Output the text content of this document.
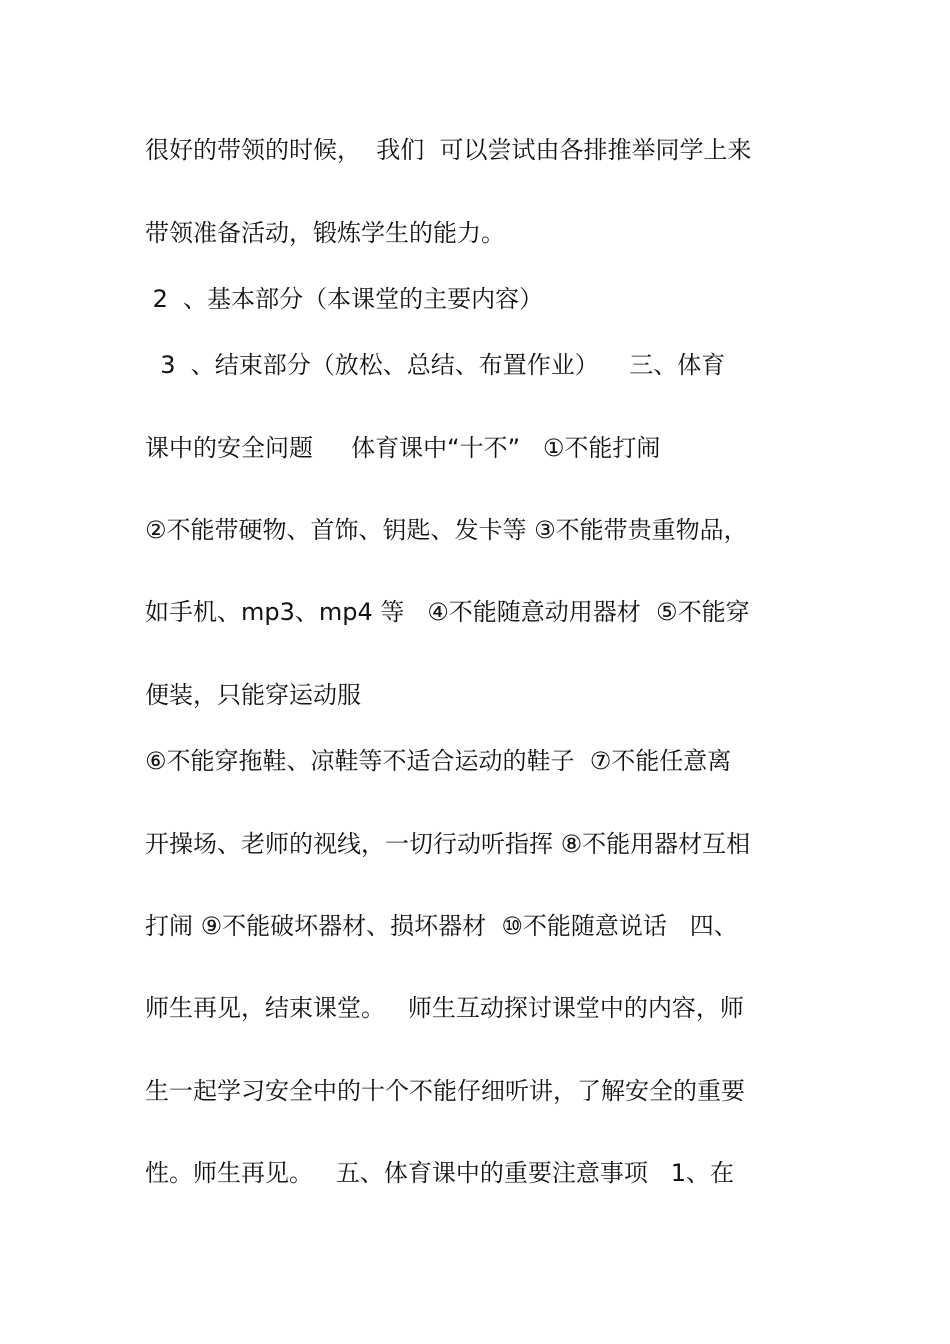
很好的带领的时候，  我们  可以尝试由各排推举同学上来
带领准备活动，锻炼学生的能力。
2  、基本部分（本课堂的主要内容）
3  、结束部分（放松、总结、布置作业）    三、体育
课中的安全问题     体育课中“十不”   ①不能打闹
②不能带硬物、首饰、钥匙、发卡等 ③不能带贵重物品，
如手机、mp3、mp4 等   ④不能随意动用器材  ⑤不能穿
便装，只能穿运动服
⑥不能穿拖鞋、凉鞋等不适合运动的鞋子  ⑦不能任意离
开操场、老师的视线，一切行动听指挥 ⑧不能用器材互相
打闹 ⑨不能破坏器材、损坏器材  ⑩不能随意说话   四、
师生再见，结束课堂。   师生互动探讨课堂中的内容，师
生一起学习安全中的十个不能仔细听讲，了解安全的重要
性。师生再见。   五、体育课中的重要注意事项   1、在
